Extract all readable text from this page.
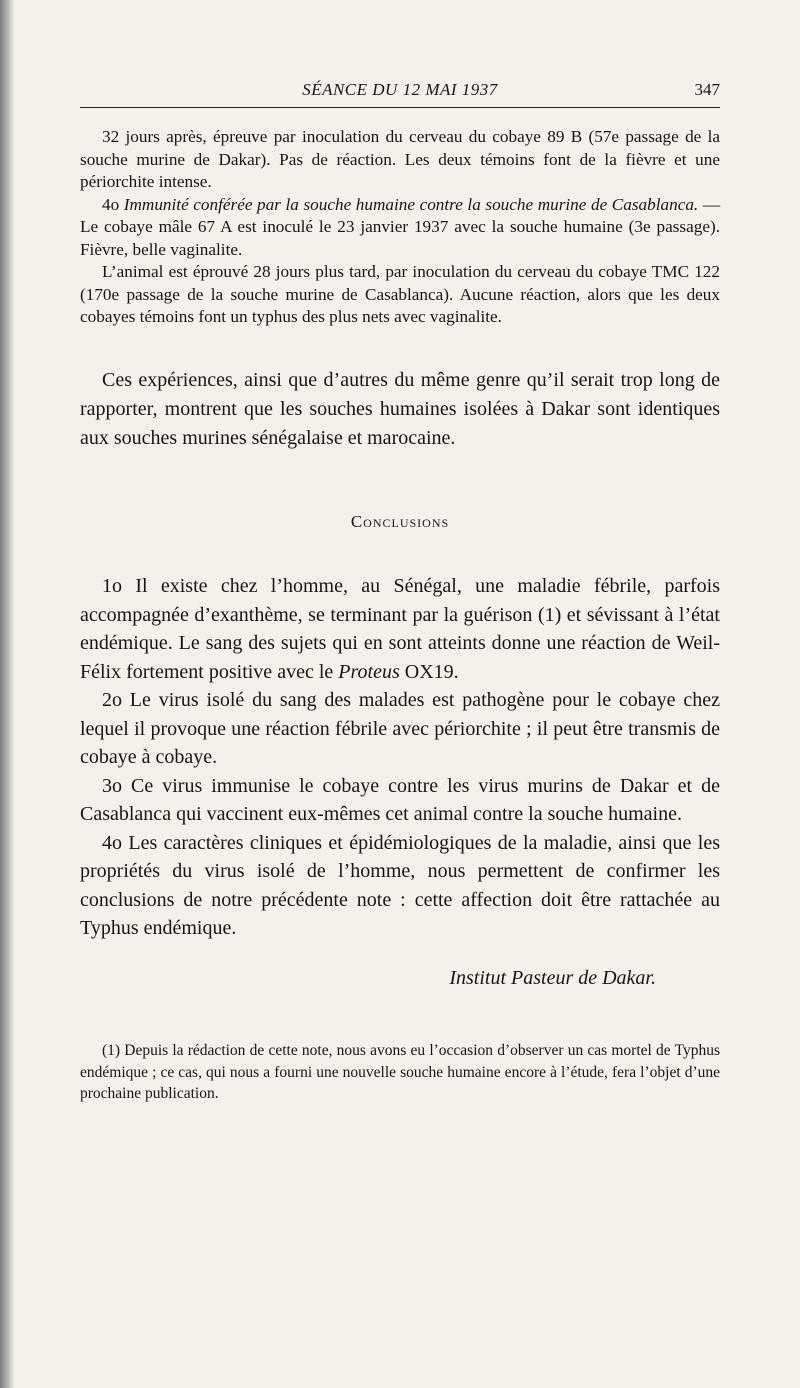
SÉANCE DU 12 MAI 1937	347

32 jours après, épreuve par inoculation du cerveau du cobaye 89 B (57e passage de la souche murine de Dakar). Pas de réaction. Les deux témoins font de la fièvre et une périorchite intense.

4o Immunité conférée par la souche humaine contre la souche murine de Casablanca. — Le cobaye mâle 67 A est inoculé le 23 janvier 1937 avec la souche humaine (3e passage). Fièvre, belle vaginalite.

L’animal est éprouvé 28 jours plus tard, par inoculation du cerveau du cobaye TMC 122 (170e passage de la souche murine de Casablanca). Aucune réaction, alors que les deux cobayes témoins font un typhus des plus nets avec vaginalite.

Ces expériences, ainsi que d’autres du même genre qu’il serait trop long de rapporter, montrent que les souches humaines isolées à Dakar sont identiques aux souches murines sénégalaise et marocaine.

Conclusions

1o Il existe chez l’homme, au Sénégal, une maladie fébrile, parfois accompagnée d’exanthème, se terminant par la guérison (1) et sévissant à l’état endémique. Le sang des sujets qui en sont atteints donne une réaction de Weil-Félix fortement positive avec le Proteus OX19.

2o Le virus isolé du sang des malades est pathogène pour le cobaye chez lequel il provoque une réaction fébrile avec périorchite ; il peut être transmis de cobaye à cobaye.

3o Ce virus immunise le cobaye contre les virus murins de Dakar et de Casablanca qui vaccinent eux-mêmes cet animal contre la souche humaine.

4o Les caractères cliniques et épidémiologiques de la maladie, ainsi que les propriétés du virus isolé de l’homme, nous permettent de confirmer les conclusions de notre précédente note : cette affection doit être rattachée au Typhus endémique.

Institut Pasteur de Dakar.

(1) Depuis la rédaction de cette note, nous avons eu l’occasion d’observer un cas mortel de Typhus endémique ; ce cas, qui nous a fourni une nouvelle souche humaine encore à l’étude, fera l’objet d’une prochaine publication.
